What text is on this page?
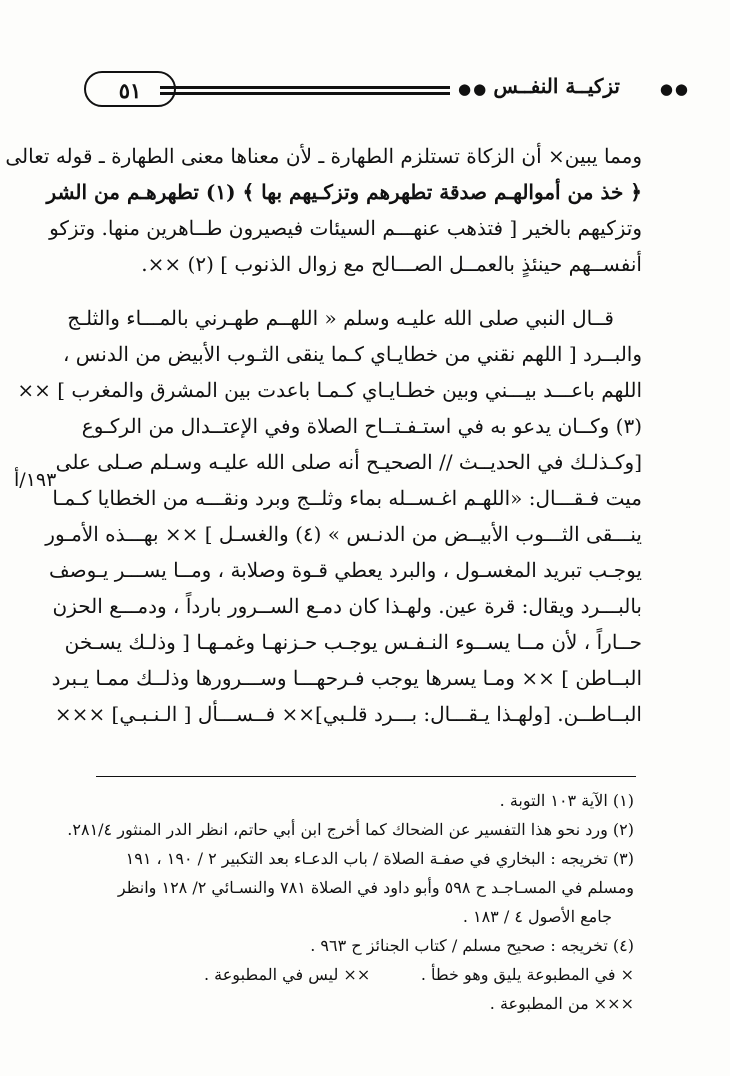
٥١	●●	●●
تزكيــة النفــس
ومما يبين× أن الزكاة تستلزم الطهارة ـ لأن معناها معنى الطهارة ـ قوله تعالى
﴿ خذ من أموالهـم صدقة تطهرهم وتزكـيهم بها ﴾ (١) تطهرهـم من الشر
وتزكيهم بالخير [ فتذهب عنهـــم السيئات فيصيرون طــاهرين منها. وتزكو
أنفســهم حينئذٍ بالعمــل الصـــالح مع زوال الذنوب ] (٢) ××.
قــال النبي صلى الله عليـه وسلم « اللهــم طهـرني بالمـــاء والثلـج
والبــرد [ اللهم نقني من خطايـاي كـما ينقى الثـوب الأبيض من الدنس ،
اللهم باعـــد بيـــني وبين خطـايـاي كـمـا باعدت بين المشرق والمغرب ] ××
(٣) وكــان يدعو به في استـفـتــاح الصلاة وفي الإعتــدال من الركـوع
[وكـذلـك في الحديــث // الصحيـح أنه صلى الله عليـه وسـلم صـلى على
ميت فـقـــال: «اللهـم اغـســله بماء وثلــج وبرد ونقـــه من الخطايا كـمـا
ينـــقى الثـــوب الأبيــض من الدنـس » (٤) والغسـل ] ×× بهـــذه الأمـور
يوجـب تبريد المغسـول ، والبرد يعطي قـوة وصلابة ، ومــا يســـر يـوصف
بالبـــرد ويقال: قرة عين. ولهـذا كان دمـع الســرور بارداً ، ودمـــع الحزن
حــاراً ، لأن مــا يســوء النـفـس يوجـب حـزنهـا وغمـهـا [ وذلـك يسـخن
البــاطن ] ×× ومـا يسرها يوجب فـرحهـــا وســـرورها وذلــك ممـا يـبرد
البــاطــن. [ولهـذا يـقـــال: بـــرد قلـبي]×× فــســـأل [ الـنـبـي] ×××
١٩٣/أ
(١) الآية ١٠٣ التوبة .
(٢) ورد نحو هذا التفسير عن الضحاك كما أخرج ابن أبي حاتم، انظر الدر المنثور ٢٨١/٤.
(٣) تخريجه : البخاري في صفـة الصلاة / باب الدعـاء بعد التكبير ٢ / ١٩٠ ، ١٩١
ومسلم في المسـاجـد ح ٥٩٨ وأبو داود في الصلاة ٧٨١ والنسـائي ٢/ ١٢٨ وانظر
جامع الأصول ٤ / ١٨٣ .
(٤) تخريجه : صحيح مسلم / كتاب الجنائز ح ٩٦٣ .
× في المطبوعة يليق وهو خطأ .
×× ليس في المطبوعة .
××× من المطبوعة .
